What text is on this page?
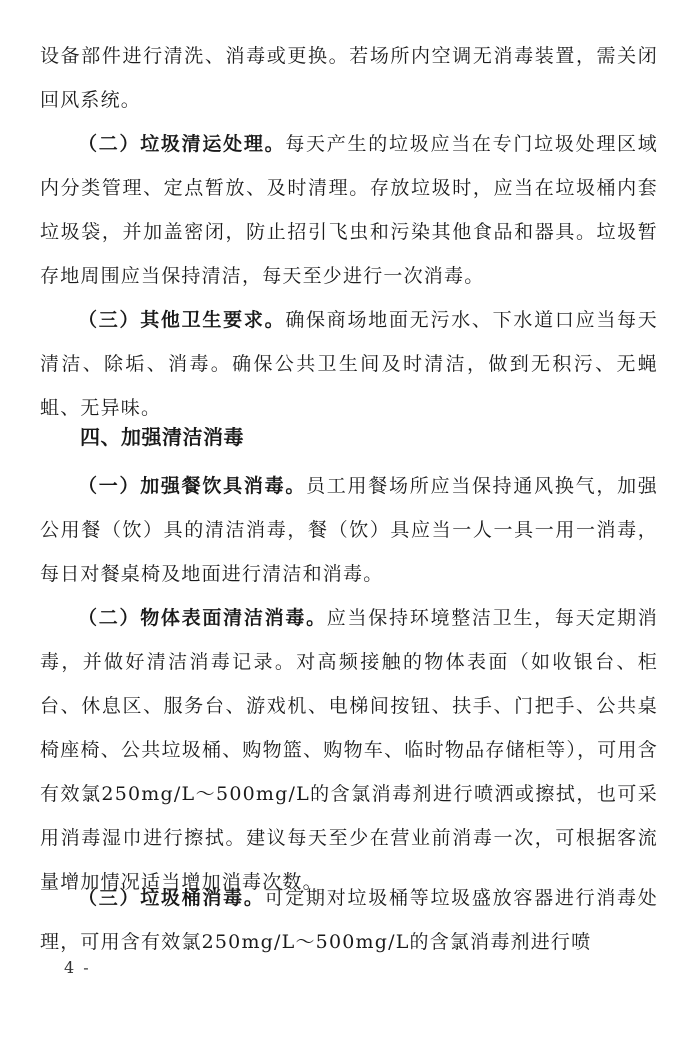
设备部件进行清洗、消毒或更换。若场所内空调无消毒装置，需关闭回风系统。

（二）垃圾清运处理。每天产生的垃圾应当在专门垃圾处理区域内分类管理、定点暂放、及时清理。存放垃圾时，应当在垃圾桶内套垃圾袋，并加盖密闭，防止招引飞虫和污染其他食品和器具。垃圾暂存地周围应当保持清洁，每天至少进行一次消毒。

（三）其他卫生要求。确保商场地面无污水、下水道口应当每天清洁、除垢、消毒。确保公共卫生间及时清洁，做到无积污、无蝇蛆、无异味。

四、加强清洁消毒

（一）加强餐饮具消毒。员工用餐场所应当保持通风换气，加强公用餐（饮）具的清洁消毒，餐（饮）具应当一人一具一用一消毒，每日对餐桌椅及地面进行清洁和消毒。

（二）物体表面清洁消毒。应当保持环境整洁卫生，每天定期消毒，并做好清洁消毒记录。对高频接触的物体表面（如收银台、柜台、休息区、服务台、游戏机、电梯间按钮、扶手、门把手、公共桌椅座椅、公共垃圾桶、购物篮、购物车、临时物品存储柜等），可用含有效氯250mg/L～500mg/L的含氯消毒剂进行喷洒或擦拭，也可采用消毒湿巾进行擦拭。建议每天至少在营业前消毒一次，可根据客流量增加情况适当增加消毒次数。

（三）垃圾桶消毒。可定期对垃圾桶等垃圾盛放容器进行消毒处理，可用含有效氯250mg/L～500mg/L的含氯消毒剂进行喷

4 -
